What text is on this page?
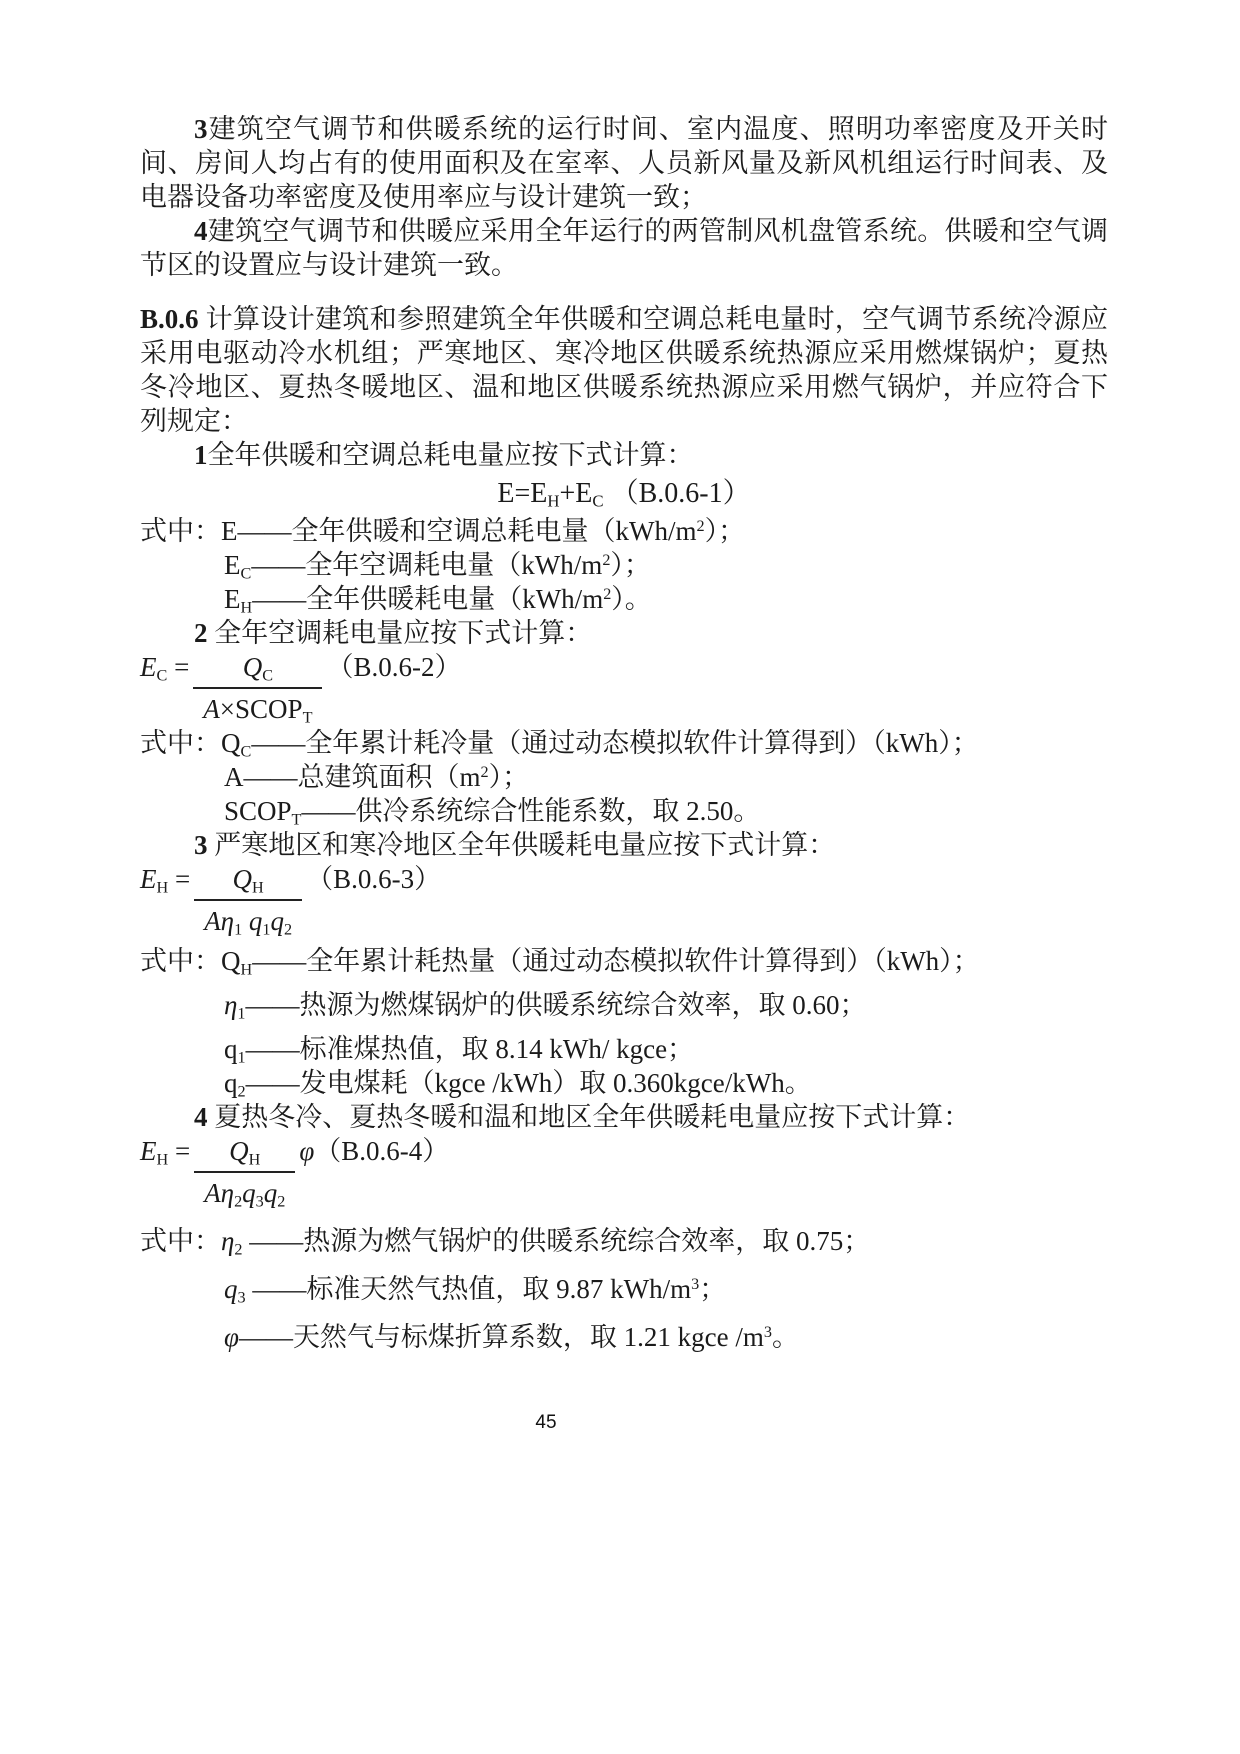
3建筑空气调节和供暖系统的运行时间、室内温度、照明功率密度及开关时间、房间人均占有的使用面积及在室率、人员新风量及新风机组运行时间表、及电器设备功率密度及使用率应与设计建筑一致；
4建筑空气调节和供暖应采用全年运行的两管制风机盘管系统。供暖和空气调节区的设置应与设计建筑一致。
B.0.6 计算设计建筑和参照建筑全年供暖和空调总耗电量时，空气调节系统冷源应采用电驱动冷水机组；严寒地区、寒冷地区供暖系统热源应采用燃煤锅炉；夏热冬冷地区、夏热冬暖地区、温和地区供暖系统热源应采用燃气锅炉，并应符合下列规定：
1全年供暖和空调总耗电量应按下式计算：
$E=E_H+E_C$ （B.0.6-1）
式中：E——全年供暖和空调总耗电量$(kWh/m^2)$；
$E_C——$全年空调耗电量$(kWh/m^2)$；
$E_H——$全年供暖耗电量$(kWh/m^2)$。
2 全年空调耗电量应按下式计算：
$E_C = \frac{Q_C}{A\times SCOP_T} (B.0.6-2)$
式中：$Q_C——$全年累计耗冷量（通过动态模拟软件计算得到）（kWh）；
A——总建筑面积$(m^2)$；
$SCOP_T——$供冷系统综合性能系数，取 2.50。
3 严寒地区和寒冷地区全年供暖耗电量应按下式计算：
$E_H = \frac{Q_H}{A\eta_1 q_1q_2} (B.0.6-3)$
式中：$Q_H——$全年累计耗热量（通过动态模拟软件计算得到）（kWh）；
$\eta_1——$热源为燃煤锅炉的供暖系统综合效率，取 0.60；
$q_1——$标准煤热值，取 8.14 kWh/ kgce；
$q_2——$发电煤耗（kgce /kWh）取 0.360kgce/kWh。
4 夏热冬冷、夏热冬暖和温和地区全年供暖耗电量应按下式计算：
$E_H = \frac{Q_H}{A\eta_2q_3q_2} \varphi(B.0.6-4)$
式中：$\eta_2$ ——热源为燃气锅炉的供暖系统综合效率，取 0.75；
$q_3$ ——标准天然气热值，取 9.87 kWh/$m^3$；
φ——天然气与标煤折算系数，取 1.21 kgce $/m^3$。
45
